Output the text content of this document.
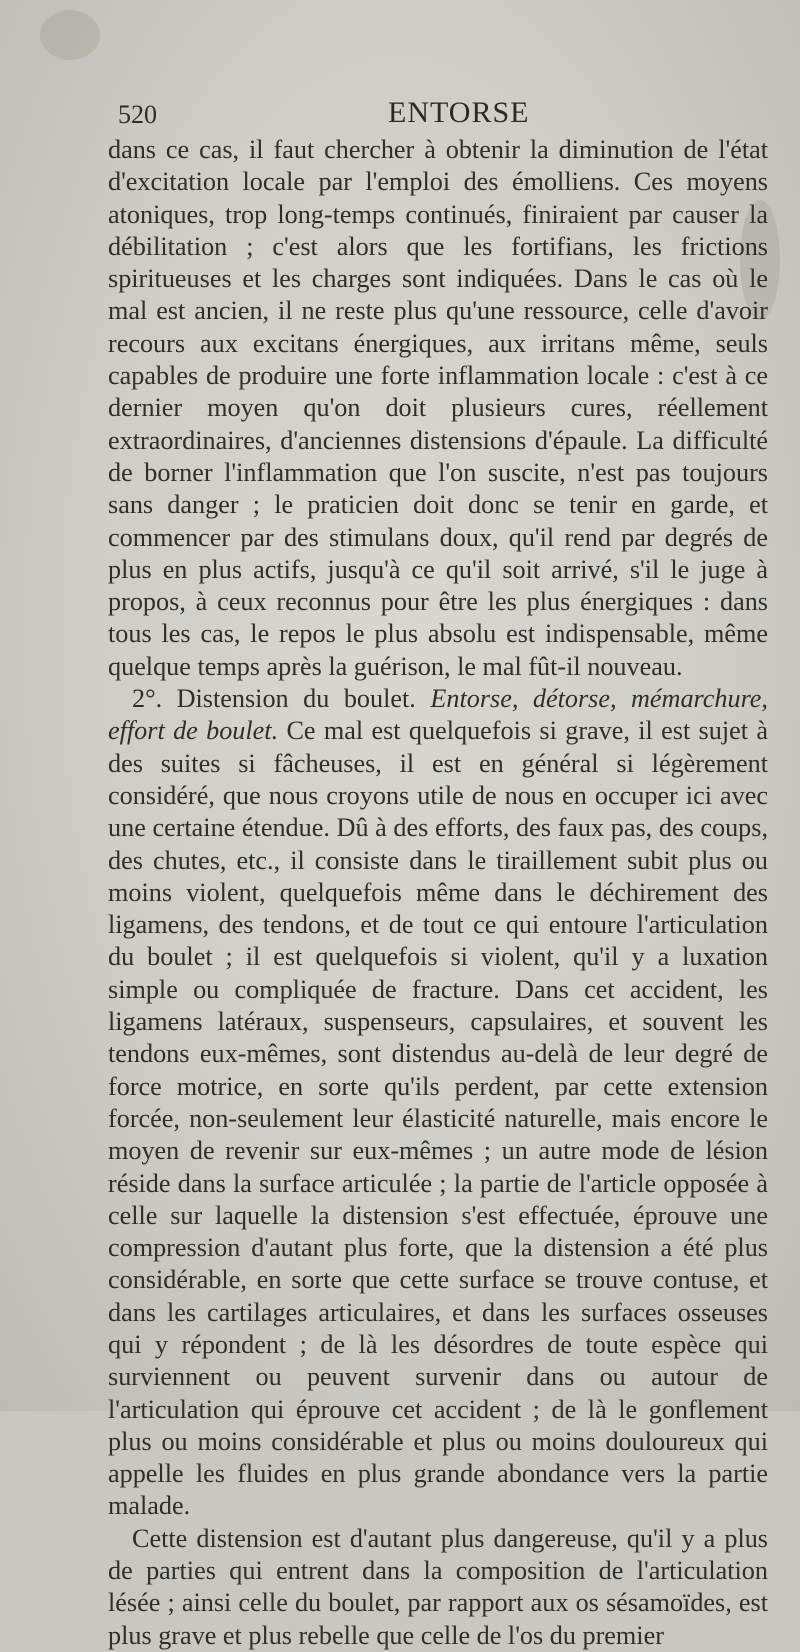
520	ENTORSE

dans ce cas, il faut chercher à obtenir la diminution de l'état d'excitation locale par l'emploi des émolliens. Ces moyens atoniques, trop long-temps continués, finiraient par causer la débilitation ; c'est alors que les fortifians, les frictions spiritueuses et les charges sont indiquées. Dans le cas où le mal est ancien, il ne reste plus qu'une ressource, celle d'avoir recours aux excitans énergiques, aux irritans même, seuls capables de produire une forte inflammation locale : c'est à ce dernier moyen qu'on doit plusieurs cures, réellement extraordinaires, d'anciennes distensions d'épaule. La difficulté de borner l'inflammation que l'on suscite, n'est pas toujours sans danger ; le praticien doit donc se tenir en garde, et commencer par des stimulans doux, qu'il rend par degrés de plus en plus actifs, jusqu'à ce qu'il soit arrivé, s'il le juge à propos, à ceux reconnus pour être les plus énergiques : dans tous les cas, le repos le plus absolu est indispensable, même quelque temps après la guérison, le mal fût-il nouveau.

2°. Distension du boulet. Entorse, détorse, mémarchure, effort de boulet. Ce mal est quelquefois si grave, il est sujet à des suites si fâcheuses, il est en général si légèrement considéré, que nous croyons utile de nous en occuper ici avec une certaine étendue. Dû à des efforts, des faux pas, des coups, des chutes, etc., il consiste dans le tiraillement subit plus ou moins violent, quelquefois même dans le déchirement des ligamens, des tendons, et de tout ce qui entoure l'articulation du boulet ; il est quelquefois si violent, qu'il y a luxation simple ou compliquée de fracture. Dans cet accident, les ligamens latéraux, suspenseurs, capsulaires, et souvent les tendons eux-mêmes, sont distendus au-delà de leur degré de force motrice, en sorte qu'ils perdent, par cette extension forcée, non-seulement leur élasticité naturelle, mais encore le moyen de revenir sur eux-mêmes ; un autre mode de lésion réside dans la surface articulée ; la partie de l'article opposée à celle sur laquelle la distension s'est effectuée, éprouve une compression d'autant plus forte, que la distension a été plus considérable, en sorte que cette surface se trouve contuse, et dans les cartilages articulaires, et dans les surfaces osseuses qui y répondent ; de là les désordres de toute espèce qui surviennent ou peuvent survenir dans ou autour de l'articulation qui éprouve cet accident ; de là le gonflement plus ou moins considérable et plus ou moins douloureux qui appelle les fluides en plus grande abondance vers la partie malade.

Cette distension est d'autant plus dangereuse, qu'il y a plus de parties qui entrent dans la composition de l'articulation lésée ; ainsi celle du boulet, par rapport aux os sésamoïdes, est plus grave et plus rebelle que celle de l'os du premier
